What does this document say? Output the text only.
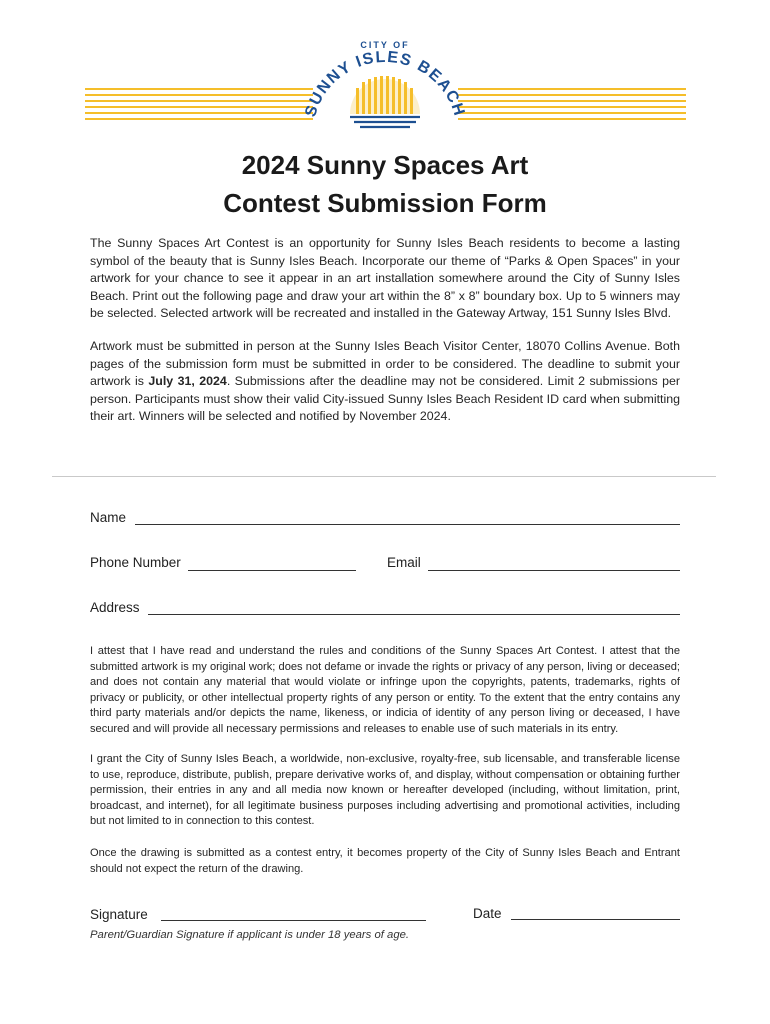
CITY OF
SUNNY ISLES BEACH
2024 Sunny Spaces Art
Contest Submission Form
The Sunny Spaces Art Contest is an opportunity for Sunny Isles Beach residents to become a lasting symbol of the beauty that is Sunny Isles Beach. Incorporate our theme of “Parks & Open Spaces” in your artwork for your chance to see it appear in an art installation somewhere around the City of Sunny Isles Beach. Print out the following page and draw your art within the 8” x 8” boundary box. Up to 5 winners may be selected. Selected artwork will be recreated and installed in the Gateway Artway, 151 Sunny Isles Blvd.
Artwork must be submitted in person at the Sunny Isles Beach Visitor Center, 18070 Collins Avenue. Both pages of the submission form must be submitted in order to be considered. The deadline to submit your artwork is July 31, 2024. Submissions after the deadline may not be considered. Limit 2 submissions per person. Participants must show their valid City-issued Sunny Isles Beach Resident ID card when submitting their art. Winners will be selected and notified by November 2024.
Name
Phone Number	Email
Address
I attest that I have read and understand the rules and conditions of the Sunny Spaces Art Contest. I attest that the submitted artwork is my original work; does not defame or invade the rights or privacy of any person, living or deceased; and does not contain any material that would violate or infringe upon the copyrights, patents, trademarks, rights of privacy or publicity, or other intellectual property rights of any person or entity. To the extent that the entry contains any third party materials and/or depicts the name, likeness, or indicia of identity of any person living or deceased, I have secured and will provide all necessary permissions and releases to enable use of such materials in its entry.
I grant the City of Sunny Isles Beach, a worldwide, non-exclusive, royalty-free, sub licensable, and transferable license to use, reproduce, distribute, publish, prepare derivative works of, and display, without compensation or obtaining further permission, their entries in any and all media now known or hereafter developed (including, without limitation, print, broadcast, and internet), for all legitimate business purposes including advertising and promotional activities, including but not limited to in connection to this contest.
Once the drawing is submitted as a contest entry, it becomes property of the City of Sunny Isles Beach and Entrant should not expect the return of the drawing.
Signature	Date
Parent/Guardian Signature if applicant is under 18 years of age.
